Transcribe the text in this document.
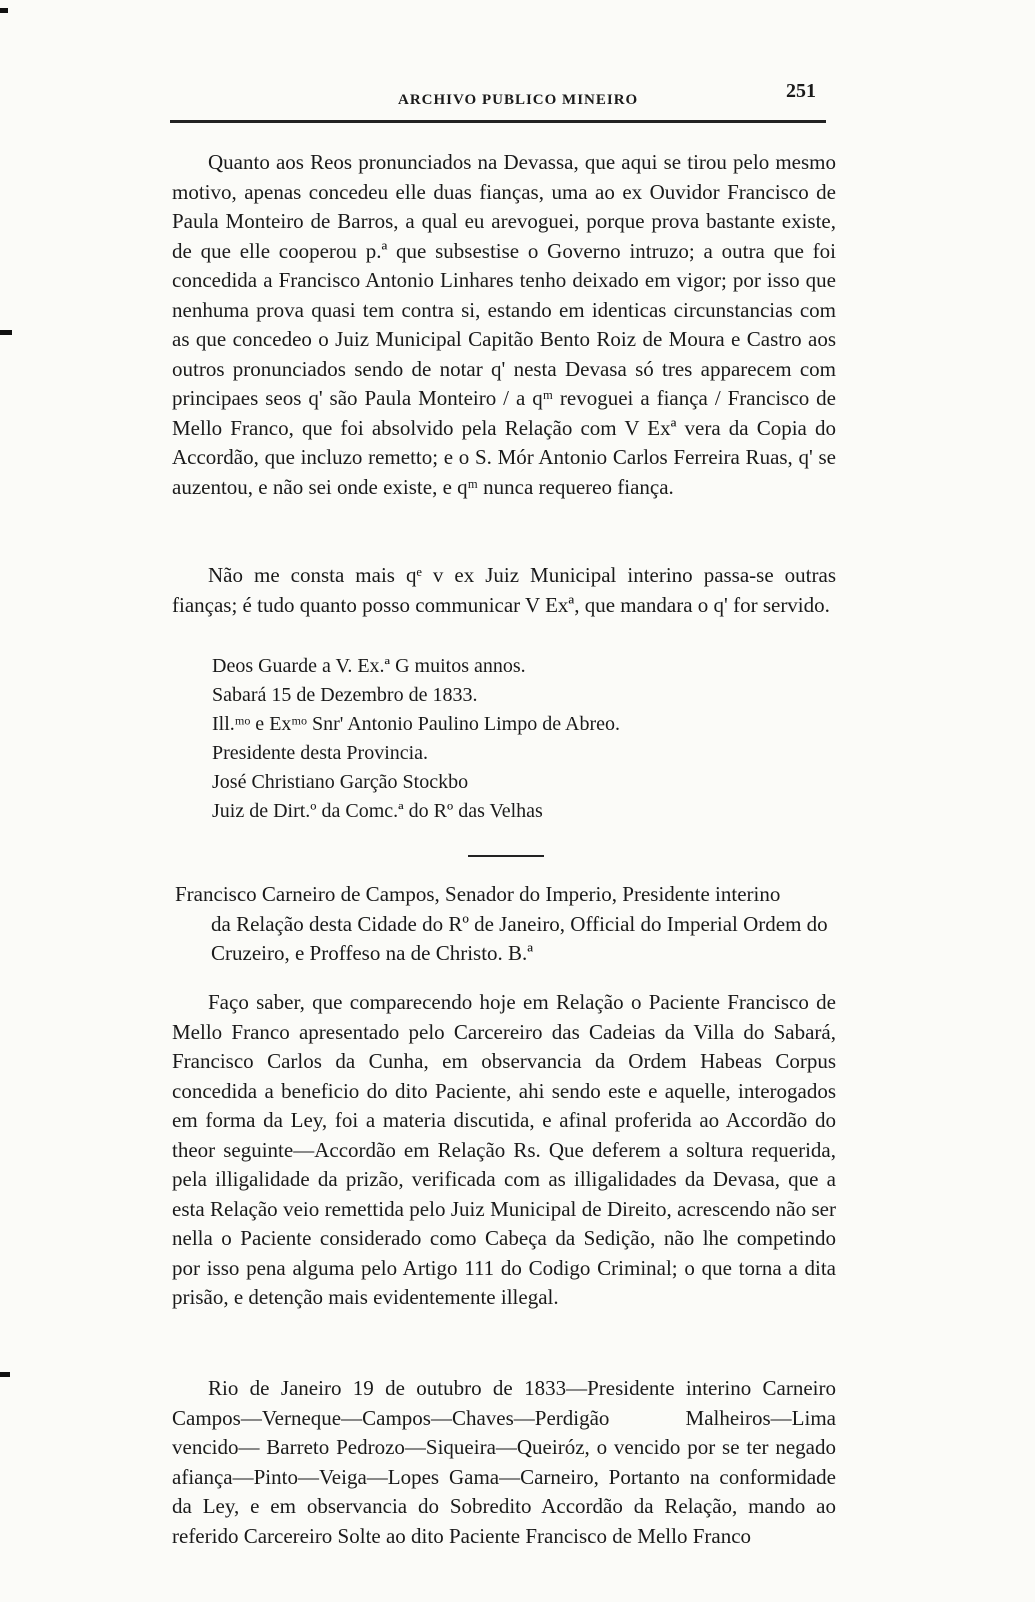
ARCHIVO PUBLICO MINEIRO	251

Quanto aos Reos pronunciados na Devassa, que aqui se tirou pelo mesmo motivo, apenas concedeu elle duas fianças, uma ao ex Ouvidor Francisco de Paula Monteiro de Barros, a qual eu arevoguei, porque prova bastante existe, de que elle cooperou p.ª que subsestise o Governo intruzo; a outra que foi concedida a Francisco Antonio Linhares tenho deixado em vigor; por isso que nenhuma prova quasi tem contra si, estando em identicas circunstancias com as que concedeo o Juiz Municipal Capitão Bento Roiz de Moura e Castro aos outros pronunciados sendo de notar q' nesta Devasa só tres apparecem com principaes seos q' são Paula Monteiro / a qᵐ revoguei a fiança / Francisco de Mello Franco, que foi absolvido pela Relação com V Exª vera da Copia do Accordão, que incluzo remetto; e o S. Mór Antonio Carlos Ferreira Ruas, q' se auzentou, e não sei onde existe, e qᵐ nunca requereo fiança.

Não me consta mais qᵉ v ex Juiz Municipal interino passa-se outras fianças; é tudo quanto posso communicar V Exª, que mandara o q' for servido.

Deos Guarde a V. Ex.ª G muitos annos.

Sabará 15 de Dezembro de 1833.

Ill.ᵐᵒ e Exᵐᵒ Snr' Antonio Paulino Limpo de Abreo.

Presidente desta Provincia.

José Christiano Garção Stockbo

Juiz de Dirt.º da Comc.ª do Rº das Velhas

Francisco Carneiro de Campos, Senador do Imperio, Presidente interino
da Relação desta Cidade do Rº de Janeiro, Official do Imperial Ordem do Cruzeiro, e Proffeso na de Christo. B.ª

Faço saber, que comparecendo hoje em Relação o Paciente Francisco de Mello Franco apresentado pelo Carcereiro das Cadeias da Villa do Sabará, Francisco Carlos da Cunha, em observancia da Ordem Habeas Corpus concedida a beneficio do dito Paciente, ahi sendo este e aquelle, interogados em forma da Ley, foi a materia discutida, e afinal proferida ao Accordão do theor seguinte—Accordão em Relação Rs. Que deferem a soltura requerida, pela illigalidade da prizão, verificada com as illigalidades da Devasa, que a esta Relação veio remettida pelo Juiz Municipal de Direito, acrescendo não ser nella o Paciente considerado como Cabeça da Sedição, não lhe competindo por isso pena alguma pelo Artigo 111 do Codigo Criminal; o que torna a dita prisão, e detenção mais evidentemente illegal.

Rio de Janeiro 19 de outubro de 1833—Presidente interino Carneiro Campos—Verneque—Campos—Chaves—Perdigão Malheiros—Lima vencido— Barreto Pedrozo—Siqueira—Queiróz, o vencido por se ter negado afiança—Pinto—Veiga—Lopes Gama—Carneiro, Portanto na conformidade da Ley, e em observancia do Sobredito Accordão da Relação, mando ao referido Carcereiro Solte ao dito Paciente Francisco de Mello Franco
